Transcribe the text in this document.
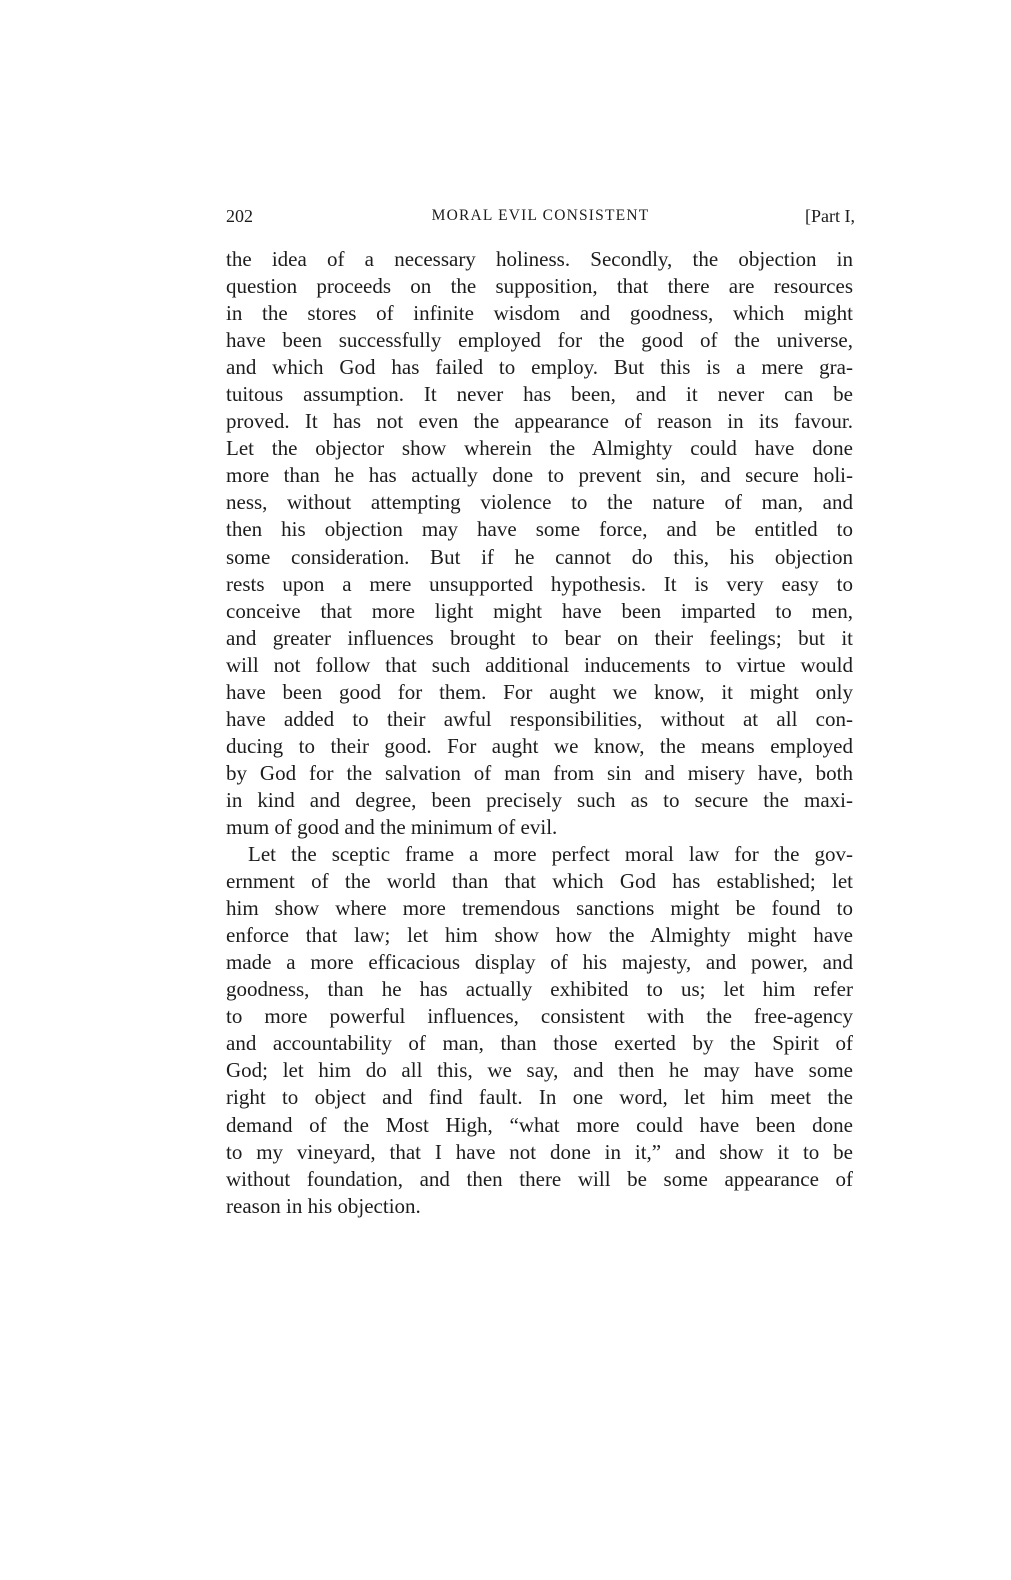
202	MORAL EVIL CONSISTENT	[Part I,
the idea of a necessary holiness. Secondly, the objection in
question proceeds on the supposition, that there are resources
in the stores of infinite wisdom and goodness, which might
have been successfully employed for the good of the universe,
and which God has failed to employ. But this is a mere gra-
tuitous assumption. It never has been, and it never can be
proved. It has not even the appearance of reason in its favour.
Let the objector show wherein the Almighty could have done
more than he has actually done to prevent sin, and secure holi-
ness, without attempting violence to the nature of man, and
then his objection may have some force, and be entitled to
some consideration. But if he cannot do this, his objection
rests upon a mere unsupported hypothesis. It is very easy to
conceive that more light might have been imparted to men,
and greater influences brought to bear on their feelings; but it
will not follow that such additional inducements to virtue would
have been good for them. For aught we know, it might only
have added to their awful responsibilities, without at all con-
ducing to their good. For aught we know, the means employed
by God for the salvation of man from sin and misery have, both
in kind and degree, been precisely such as to secure the maxi-
mum of good and the minimum of evil.
Let the sceptic frame a more perfect moral law for the gov-
ernment of the world than that which God has established; let
him show where more tremendous sanctions might be found to
enforce that law; let him show how the Almighty might have
made a more efficacious display of his majesty, and power, and
goodness, than he has actually exhibited to us; let him refer
to more powerful influences, consistent with the free-agency
and accountability of man, than those exerted by the Spirit of
God; let him do all this, we say, and then he may have some
right to object and find fault. In one word, let him meet the
demand of the Most High, “what more could have been done
to my vineyard, that I have not done in it,” and show it to be
without foundation, and then there will be some appearance of
reason in his objection.
